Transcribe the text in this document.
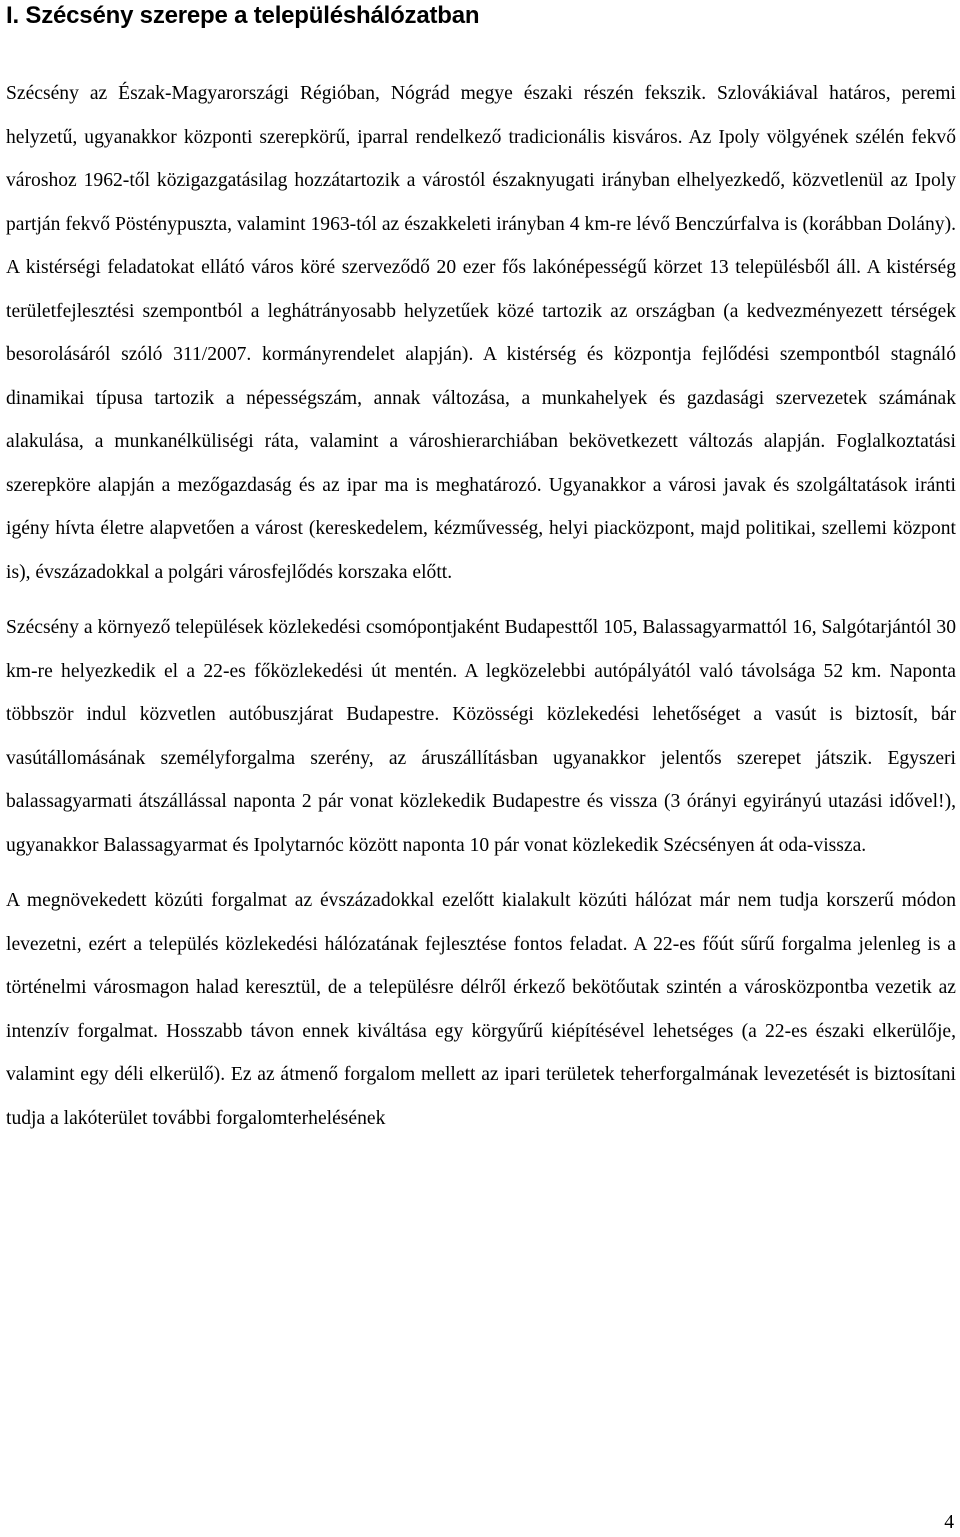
I. Szécsény szerepe a településhálózatban

Szécsény az Észak-Magyarországi Régióban, Nógrád megye északi részén fekszik. Szlovákiával határos, peremi helyzetű, ugyanakkor központi szerepkörű, iparral rendelkező tradicionális kisváros. Az Ipoly völgyének szélén fekvő városhoz 1962-től közigazgatásilag hozzátartozik a várostól északnyugati irányban elhelyezkedő, közvetlenül az Ipoly partján fekvő Pösténypuszta, valamint 1963-tól az északkeleti irányban 4 km-re lévő Benczúrfalva is (korábban Dolány). A kistérségi feladatokat ellátó város köré szerveződő 20 ezer fős lakónépességű körzet 13 településből áll. A kistérség területfejlesztési szempontból a leghátrányosabb helyzetűek közé tartozik az országban (a kedvezményezett térségek besorolásáról szóló 311/2007. kormányrendelet alapján). A kistérség és központja fejlődési szempontból stagnáló dinamikai típusa tartozik a népességszám, annak változása, a munkahelyek és gazdasági szervezetek számának alakulása, a munkanélküliségi ráta, valamint a városhierarchiában bekövetkezett változás alapján. Foglalkoztatási szerepköre alapján a mezőgazdaság és az ipar ma is meghatározó. Ugyanakkor a városi javak és szolgáltatások iránti igény hívta életre alapvetően a várost (kereskedelem, kézművesség, helyi piacközpont, majd politikai, szellemi központ is), évszázadokkal a polgári városfejlődés korszaka előtt.

Szécsény a környező települések közlekedési csomópontjaként Budapesttől 105, Balassagyarmattól 16, Salgótarjántól 30 km-re helyezkedik el a 22-es főközlekedési út mentén. A legközelebbi autópályától való távolsága 52 km. Naponta többször indul közvetlen autóbuszjárat Budapestre. Közösségi közlekedési lehetőséget a vasút is biztosít, bár vasútállomásának személyforgalma szerény, az áruszállításban ugyanakkor jelentős szerepet játszik. Egyszeri balassagyarmati átszállással naponta 2 pár vonat közlekedik Budapestre és vissza (3 órányi egyirányú utazási idővel!), ugyanakkor Balassagyarmat és Ipolytarnóc között naponta 10 pár vonat közlekedik Szécsényen át oda-vissza.

A megnövekedett közúti forgalmat az évszázadokkal ezelőtt kialakult közúti hálózat már nem tudja korszerű módon levezetni, ezért a település közlekedési hálózatának fejlesztése fontos feladat. A 22-es főút sűrű forgalma jelenleg is a történelmi városmagon halad keresztül, de a településre délről érkező bekötőutak szintén a városközpontba vezetik az intenzív forgalmat. Hosszabb távon ennek kiváltása egy körgyűrű kiépítésével lehetséges (a 22-es északi elkerülője, valamint egy déli elkerülő). Ez az átmenő forgalom mellett az ipari területek teherforgalmának levezetését is biztosítani tudja a lakóterület további forgalomterhelésének

4
